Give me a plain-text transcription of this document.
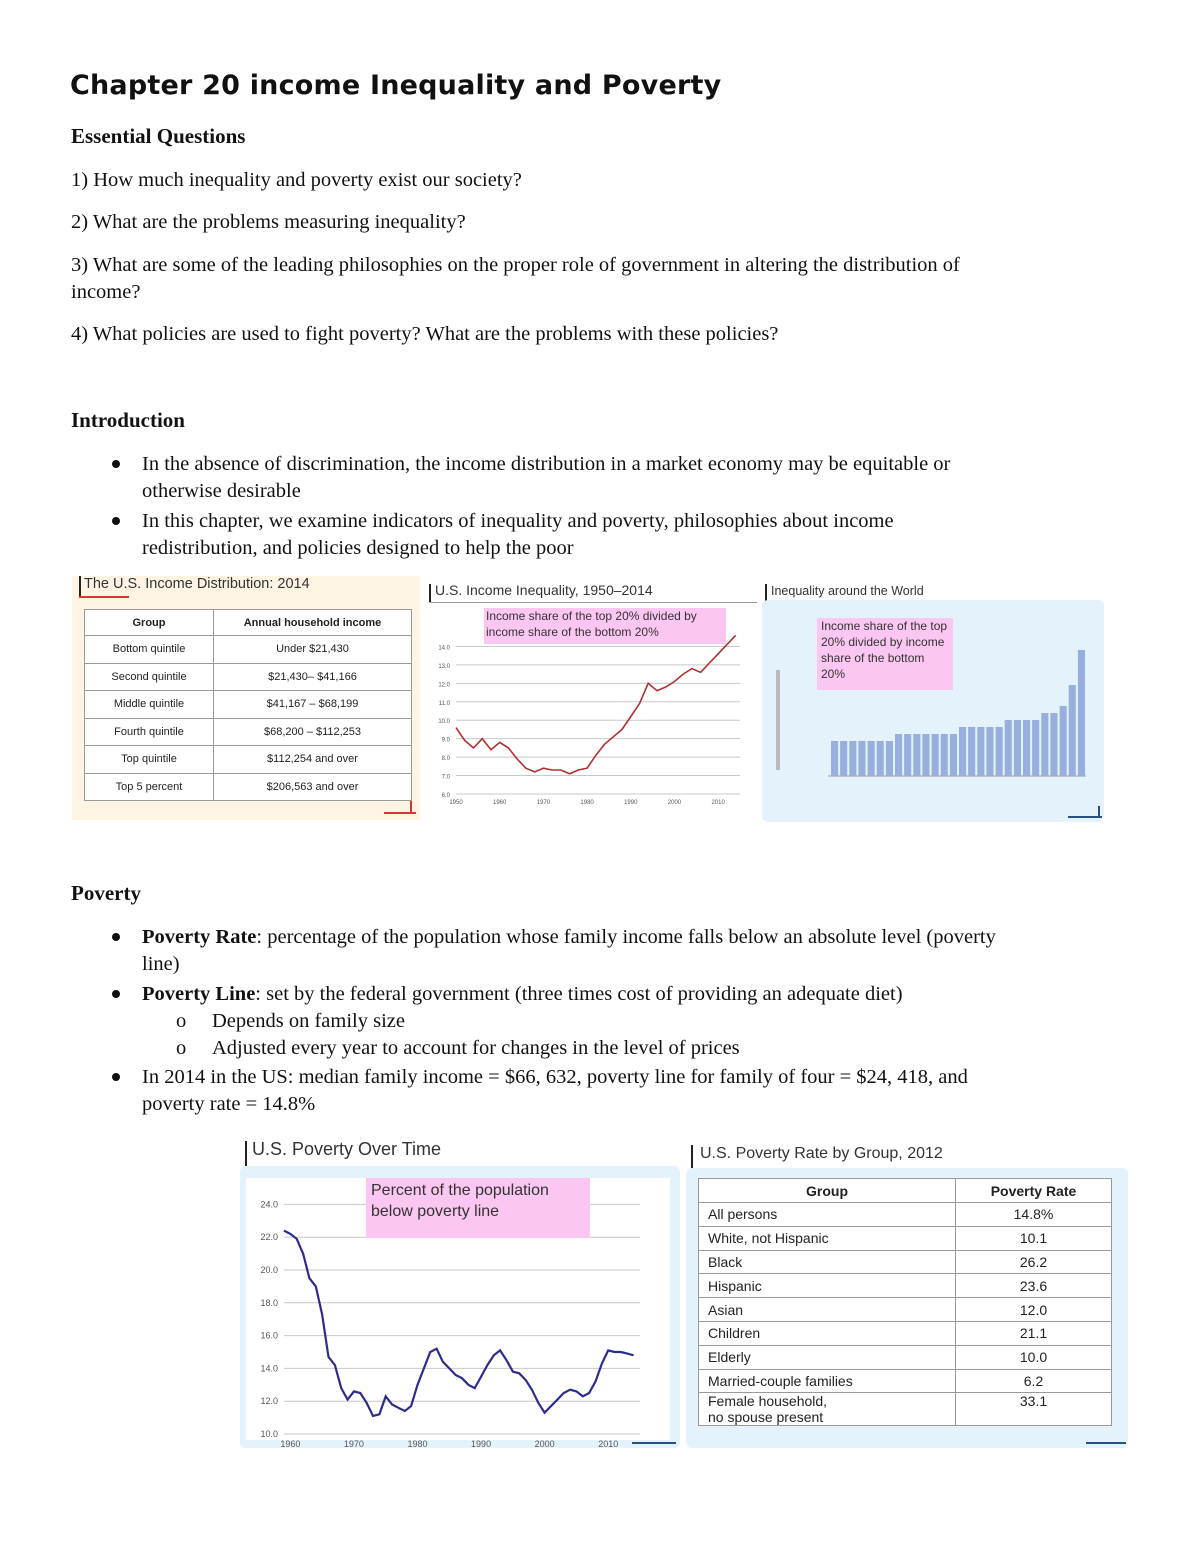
Chapter 20 income Inequality and Poverty
Essential Questions
1) How much inequality and poverty exist our society?
2) What are the problems measuring inequality?
3) What are some of the leading philosophies on the proper role of government in altering the distribution of
income?
4) What policies are used to fight poverty? What are the problems with these policies?
Introduction
In the absence of discrimination, the income distribution in a market economy may be equitable or
otherwise desirable
In this chapter, we examine indicators of inequality and poverty, philosophies about income
redistribution, and policies designed to help the poor
The U.S. Income Distribution: 2014
Group	Annual household income
Bottom quintile	Under $21,430
Second quintile	$21,430– $41,166
Middle quintile	$41,167 – $68,199
Fourth quintile	$68,200 – $112,253
Top quintile	$112,254 and over
Top 5 percent	$206,563 and over
U.S. Income Inequality, 1950–2014
6.0
7.0
8.0
9.0
10.0
11.0
12.0
13.0
14.0
1950	1960	1970	1980	1990	2000	2010
Income share of the top 20% divided by income share of the bottom 20%
Inequality around the World
Income share of the top 20% divided by income share of the bottom 20%
Poverty
Poverty Rate: percentage of the population whose family income falls below an absolute level (poverty
line)
Poverty Line: set by the federal government (three times cost of providing an adequate diet)
o Depends on family size
o Adjusted every year to account for changes in the level of prices
In 2014 in the US: median family income = $66, 632, poverty line for family of four = $24, 418, and
poverty rate = 14.8%
U.S. Poverty Over Time
10.0
12.0
14.0
16.0
18.0
20.0
22.0
24.0
1960	1970	1980	1990	2000	2010
Percent of the population below poverty line
U.S. Poverty Rate by Group, 2012
Group	Poverty Rate

All persons	14.8%

White, not Hispanic	10.1

Black	26.2

Hispanic	23.6

Asian	12.0

Children	21.1

Elderly	10.0

Married-couple families	6.2

Female household,
no spouse present	33.1
